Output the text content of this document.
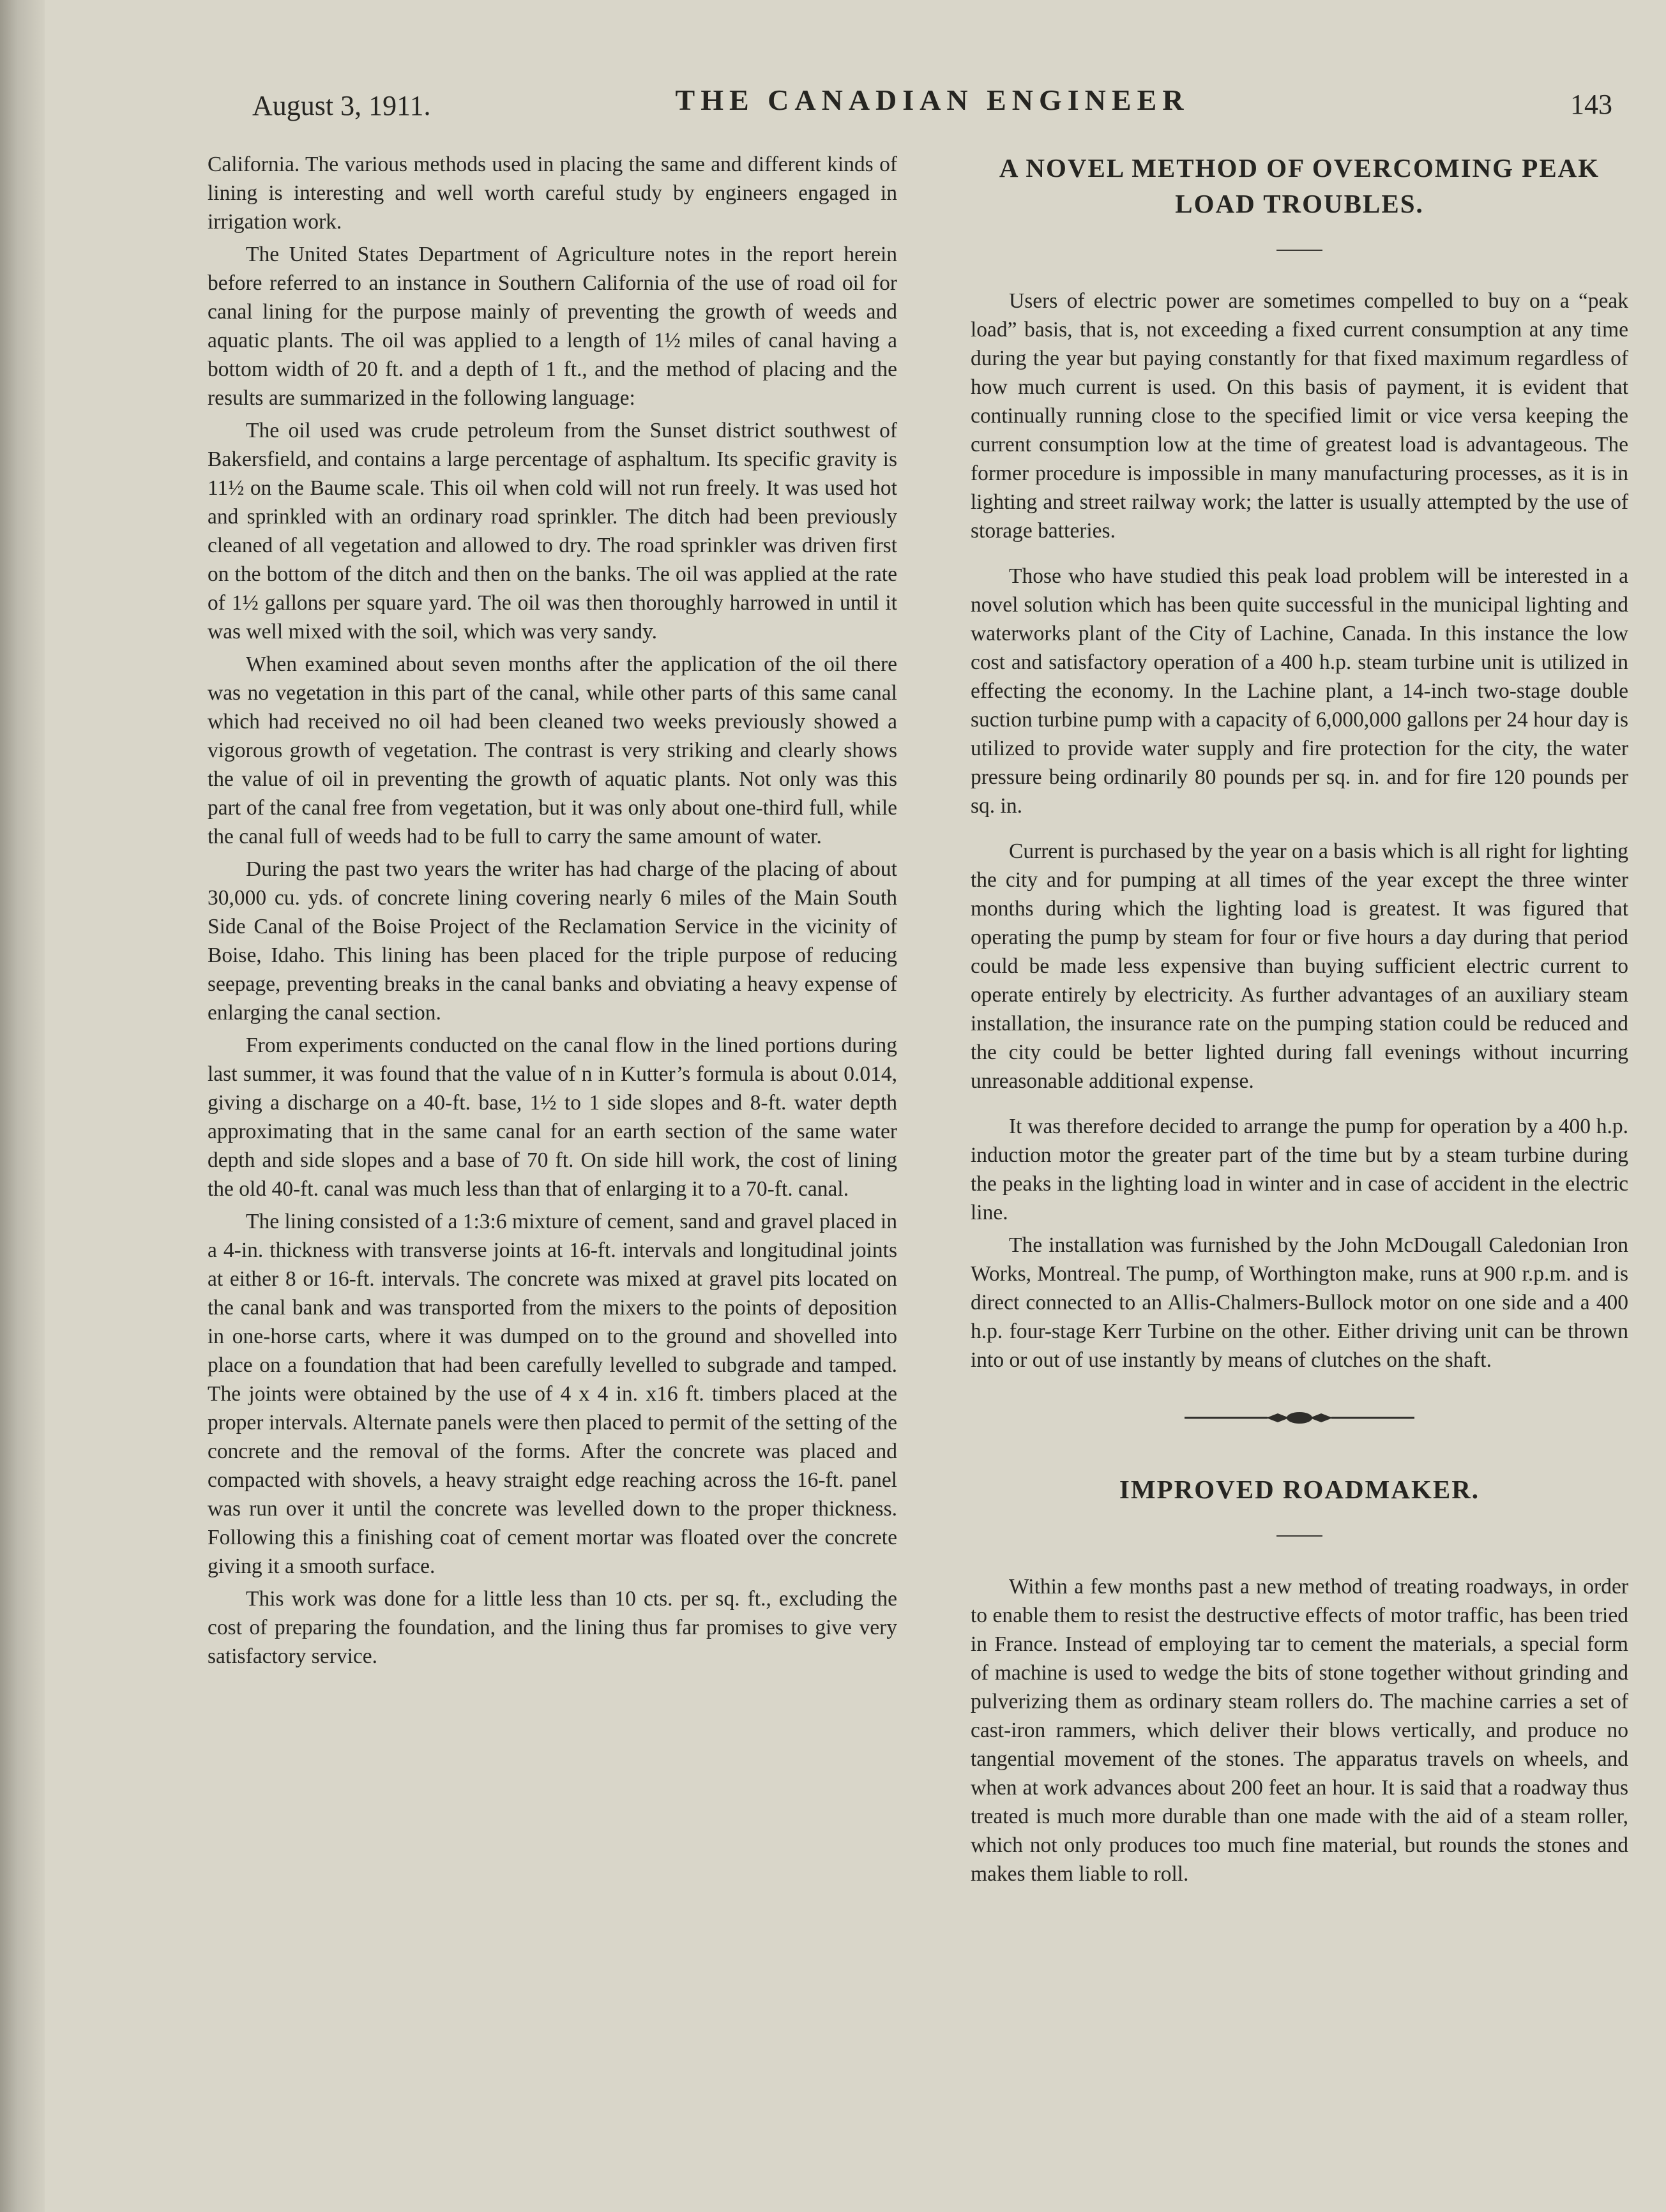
August 3, 1911.	THE CANADIAN ENGINEER	143

California. The various methods used in placing the same and different kinds of lining is interesting and well worth careful study by engineers engaged in irrigation work.

The United States Department of Agriculture notes in the report herein before referred to an instance in Southern California of the use of road oil for canal lining for the purpose mainly of preventing the growth of weeds and aquatic plants. The oil was applied to a length of 1½ miles of canal having a bottom width of 20 ft. and a depth of 1 ft., and the method of placing and the results are summarized in the following language:

The oil used was crude petroleum from the Sunset district southwest of Bakersfield, and contains a large percentage of asphaltum. Its specific gravity is 11½ on the Baume scale. This oil when cold will not run freely. It was used hot and sprinkled with an ordinary road sprinkler. The ditch had been previously cleaned of all vegetation and allowed to dry. The road sprinkler was driven first on the bottom of the ditch and then on the banks. The oil was applied at the rate of 1½ gallons per square yard. The oil was then thoroughly harrowed in until it was well mixed with the soil, which was very sandy.

When examined about seven months after the application of the oil there was no vegetation in this part of the canal, while other parts of this same canal which had received no oil had been cleaned two weeks previously showed a vigorous growth of vegetation. The contrast is very striking and clearly shows the value of oil in preventing the growth of aquatic plants. Not only was this part of the canal free from vegetation, but it was only about one-third full, while the canal full of weeds had to be full to carry the same amount of water.

During the past two years the writer has had charge of the placing of about 30,000 cu. yds. of concrete lining covering nearly 6 miles of the Main South Side Canal of the Boise Project of the Reclamation Service in the vicinity of Boise, Idaho. This lining has been placed for the triple purpose of reducing seepage, preventing breaks in the canal banks and obviating a heavy expense of enlarging the canal section.

From experiments conducted on the canal flow in the lined portions during last summer, it was found that the value of n in Kutter’s formula is about 0.014, giving a discharge on a 40-ft. base, 1½ to 1 side slopes and 8-ft. water depth approximating that in the same canal for an earth section of the same water depth and side slopes and a base of 70 ft. On side hill work, the cost of lining the old 40-ft. canal was much less than that of enlarging it to a 70-ft. canal.

The lining consisted of a 1:3:6 mixture of cement, sand and gravel placed in a 4-in. thickness with transverse joints at 16-ft. intervals and longitudinal joints at either 8 or 16-ft. intervals. The concrete was mixed at gravel pits located on the canal bank and was transported from the mixers to the points of deposition in one-horse carts, where it was dumped on to the ground and shovelled into place on a foundation that had been carefully levelled to subgrade and tamped. The joints were obtained by the use of 4 x 4 in. x16 ft. timbers placed at the proper intervals. Alternate panels were then placed to permit of the setting of the concrete and the removal of the forms. After the concrete was placed and compacted with shovels, a heavy straight edge reaching across the 16-ft. panel was run over it until the concrete was levelled down to the proper thickness. Following this a finishing coat of cement mortar was floated over the concrete giving it a smooth surface.

This work was done for a little less than 10 cts. per sq. ft., excluding the cost of preparing the foundation, and the lining thus far promises to give very satisfactory service.

A NOVEL METHOD OF OVERCOMING PEAK
LOAD TROUBLES.

Users of electric power are sometimes compelled to buy on a “peak load” basis, that is, not exceeding a fixed current consumption at any time during the year but paying constantly for that fixed maximum regardless of how much current is used. On this basis of payment, it is evident that continually running close to the specified limit or vice versa keeping the current consumption low at the time of greatest load is advantageous. The former procedure is impossible in many manufacturing processes, as it is in lighting and street railway work; the latter is usually attempted by the use of storage batteries.

Those who have studied this peak load problem will be interested in a novel solution which has been quite successful in the municipal lighting and waterworks plant of the City of Lachine, Canada. In this instance the low cost and satisfactory operation of a 400 h.p. steam turbine unit is utilized in effecting the economy. In the Lachine plant, a 14-inch two-stage double suction turbine pump with a capacity of 6,000,000 gallons per 24 hour day is utilized to provide water supply and fire protection for the city, the water pressure being ordinarily 80 pounds per sq. in. and for fire 120 pounds per sq. in.

Current is purchased by the year on a basis which is all right for lighting the city and for pumping at all times of the year except the three winter months during which the lighting load is greatest. It was figured that operating the pump by steam for four or five hours a day during that period could be made less expensive than buying sufficient electric current to operate entirely by electricity. As further advantages of an auxiliary steam installation, the insurance rate on the pumping station could be reduced and the city could be better lighted during fall evenings without incurring unreasonable additional expense.

It was therefore decided to arrange the pump for operation by a 400 h.p. induction motor the greater part of the time but by a steam turbine during the peaks in the lighting load in winter and in case of accident in the electric line.

The installation was furnished by the John McDougall Caledonian Iron Works, Montreal. The pump, of Worthington make, runs at 900 r.p.m. and is direct connected to an Allis-Chalmers-Bullock motor on one side and a 400 h.p. four-stage Kerr Turbine on the other. Either driving unit can be thrown into or out of use instantly by means of clutches on the shaft.

IMPROVED ROADMAKER.

Within a few months past a new method of treating roadways, in order to enable them to resist the destructive effects of motor traffic, has been tried in France. Instead of employing tar to cement the materials, a special form of machine is used to wedge the bits of stone together without grinding and pulverizing them as ordinary steam rollers do. The machine carries a set of cast-iron rammers, which deliver their blows vertically, and produce no tangential movement of the stones. The apparatus travels on wheels, and when at work advances about 200 feet an hour. It is said that a roadway thus treated is much more durable than one made with the aid of a steam roller, which not only produces too much fine material, but rounds the stones and makes them liable to roll.
